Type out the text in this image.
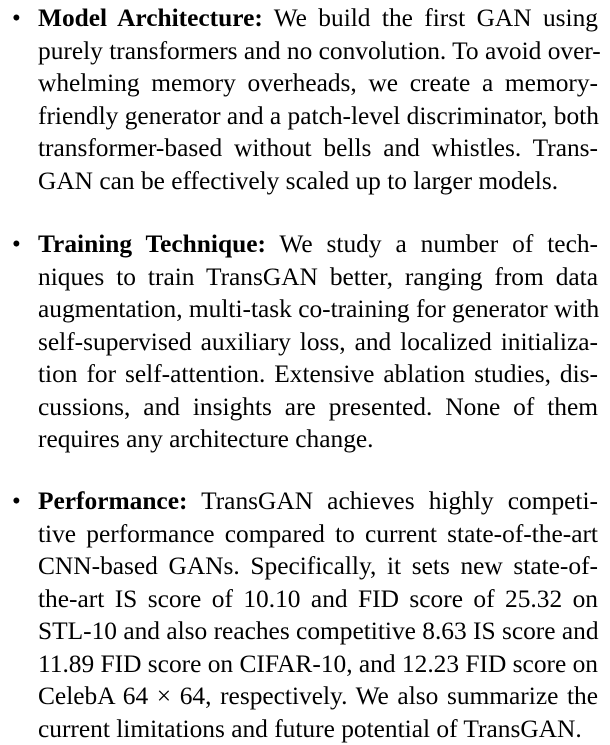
• Model Architecture: We build the first GAN using
purely transformers and no convolution. To avoid over-
whelming memory overheads, we create a memory-
friendly generator and a patch-level discriminator, both
transformer-based without bells and whistles. Trans-
GAN can be effectively scaled up to larger models.

• Training Technique: We study a number of tech-
niques to train TransGAN better, ranging from data
augmentation, multi-task co-training for generator with
self-supervised auxiliary loss, and localized initializa-
tion for self-attention. Extensive ablation studies, dis-
cussions, and insights are presented. None of them
requires any architecture change.

• Performance: TransGAN achieves highly competi-
tive performance compared to current state-of-the-art
CNN-based GANs. Specifically, it sets new state-of-
the-art IS score of 10.10 and FID score of 25.32 on
STL-10 and also reaches competitive 8.63 IS score and
11.89 FID score on CIFAR-10, and 12.23 FID score on
CelebA 64 × 64, respectively. We also summarize the
current limitations and future potential of TransGAN.
